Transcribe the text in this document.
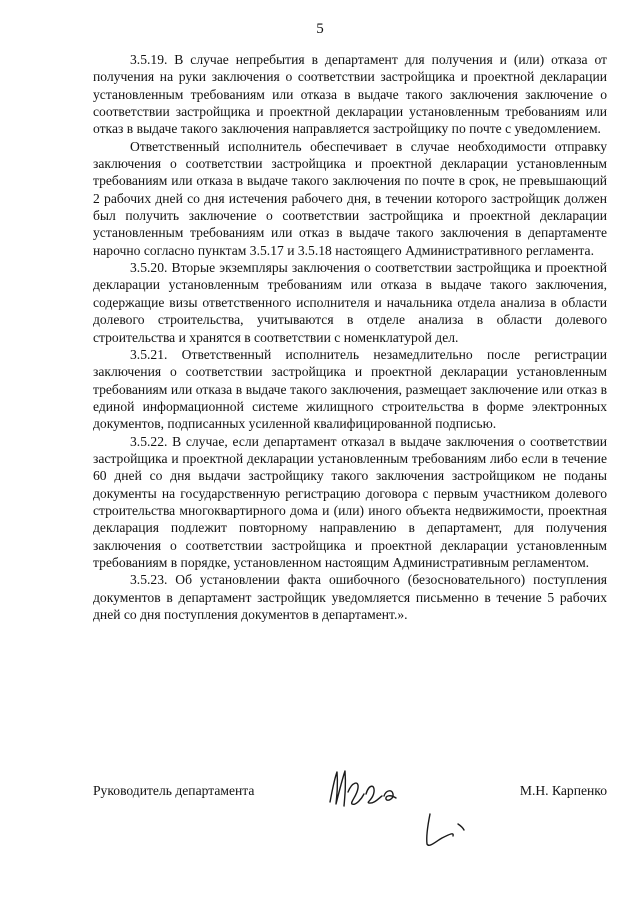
5

3.5.19. В случае непребытия в департамент для получения и (или) отказа от получения на руки заключения о соответствии застройщика и проектной декларации установленным требованиям или отказа в выдаче такого заключения заключение о соответствии застройщика и проектной декларации установленным требованиям или отказ в выдаче такого заключения направляется застройщику по почте с уведомлением.

Ответственный исполнитель обеспечивает в случае необходимости отправку заключения о соответствии застройщика и проектной декларации установленным требованиям или отказа в выдаче такого заключения по почте в срок, не превышающий 2 рабочих дней со дня истечения рабочего дня, в течении которого застройщик должен был получить заключение о соответствии застройщика и проектной декларации установленным требованиям или отказ в выдаче такого заключения в департаменте нарочно согласно пунктам 3.5.17 и 3.5.18 настоящего Административного регламента.

3.5.20. Вторые экземпляры заключения о соответствии застройщика и проектной декларации установленным требованиям или отказа в выдаче такого заключения, содержащие визы ответственного исполнителя и начальника отдела анализа в области долевого строительства, учитываются в отделе анализа в области долевого строительства и хранятся в соответствии с номенклатурой дел.

3.5.21. Ответственный исполнитель незамедлительно после регистрации заключения о соответствии застройщика и проектной декларации установленным требованиям или отказа в выдаче такого заключения, размещает заключение или отказ в единой информационной системе жилищного строительства в форме электронных документов, подписанных усиленной квалифицированной подписью.

3.5.22. В случае, если департамент отказал в выдаче заключения о соответствии застройщика и проектной декларации установленным требованиям либо если в течение 60 дней со дня выдачи застройщику такого заключения застройщиком не поданы документы на государственную регистрацию договора с первым участником долевого строительства многоквартирного дома и (или) иного объекта недвижимости, проектная декларация подлежит повторному направлению в департамент, для получения заключения о соответствии застройщика и проектной декларации установленным требованиям в порядке, установленном настоящим Административным регламентом.

3.5.23. Об установлении факта ошибочного (безосновательного) поступления документов в департамент застройщик уведомляется письменно в течение 5 рабочих дней со дня поступления документов в департамент.».

Руководитель департамента	М.Н. Карпенко
